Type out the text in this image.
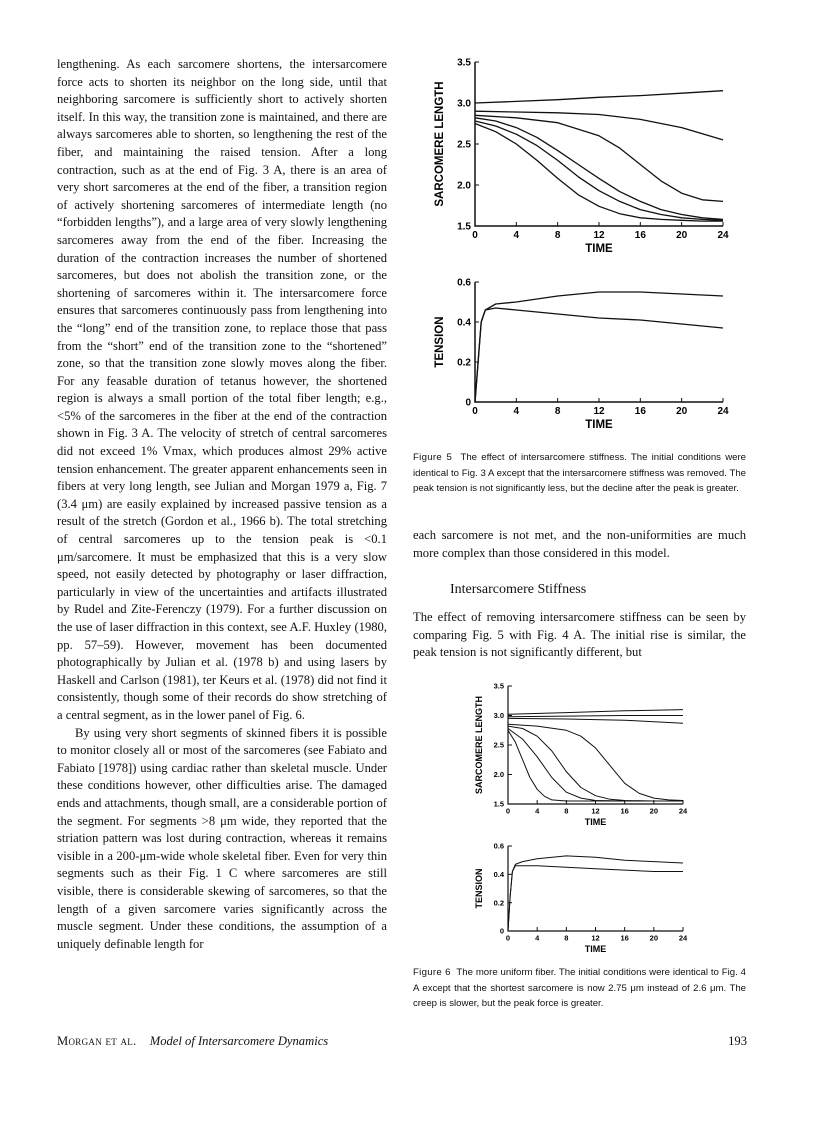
lengthening. As each sarcomere shortens, the intersarcomere force acts to shorten its neighbor on the long side, until that neighboring sarcomere is sufficiently short to actively shorten itself. In this way, the transition zone is maintained, and there are always sarcomeres able to shorten, so lengthening the rest of the fiber, and maintaining the raised tension. After a long contraction, such as at the end of Fig. 3 A, there is an area of very short sarcomeres at the end of the fiber, a transition region of actively shortening sarcomeres of intermediate length (no “forbidden lengths”), and a large area of very slowly lengthening sarcomeres away from the end of the fiber. Increasing the duration of the contraction increases the number of shortened sarcomeres, but does not abolish the transition zone, or the shortening of sarcomeres within it. The intersarcomere force ensures that sarcomeres continuously pass from lengthening into the “long” end of the transition zone, to replace those that pass from the “short” end of the transition zone to the “shortened” zone, so that the transition zone slowly moves along the fiber. For any feasable duration of tetanus however, the shortened region is always a small portion of the total fiber length; e.g., <5% of the sarcomeres in the fiber at the end of the contraction shown in Fig. 3 A. The velocity of stretch of central sarcomeres did not exceed 1% Vmax, which produces almost 29% active tension enhancement. The greater apparent enhancements seen in fibers at very long length, see Julian and Morgan 1979 a, Fig. 7 (3.4 μm) are easily explained by increased passive tension as a result of the stretch (Gordon et al., 1966 b). The total stretching of central sarcomeres up to the tension peak is <0.1 μm/sarcomere. It must be emphasized that this is a very slow speed, not easily detected by photography or laser diffraction, particularly in view of the uncertainties and artifacts illustrated by Rudel and Zite-Ferenczy (1979). For a further discussion on the use of laser diffraction in this context, see A.F. Huxley (1980, pp. 57–59). However, movement has been documented photographically by Julian et al. (1978 b) and using lasers by Haskell and Carlson (1981), ter Keurs et al. (1978) did not find it consistently, though some of their records do show stretching of a central segment, as in the lower panel of Fig. 6.

By using very short segments of skinned fibers it is possible to monitor closely all or most of the sarcomeres (see Fabiato and Fabiato [1978]) using cardiac rather than skeletal muscle. Under these conditions however, other difficulties arise. The damaged ends and attachments, though small, are a considerable portion of the segment. For segments >8 μm wide, they reported that the striation pattern was lost during contraction, whereas it remains visible in a 200-μm-wide whole skeletal fiber. Even for very thin segments such as their Fig. 1 C where sarcomeres are still visible, there is considerable skewing of sarcomeres, so that the length of a given sarcomere varies significantly across the muscle segment. Under these conditions, the assumption of a uniquely definable length for

0	4	8	12	16	20	24
1.5
2.0
2.5
3.0
3.5
TIME
SARCOMERE LENGTH
0	4	8	12	16	20	24
0
0.2
0.4
0.6
TIME
TENSION
Figure 5 The effect of intersarcomere stiffness. The initial conditions were identical to Fig. 3 A except that the intersarcomere stiffness was removed. The peak tension is not significantly less, but the decline after the peak is greater.

each sarcomere is not met, and the non-uniformities are much more complex than those considered in this model.

Intersarcomere Stiffness

The effect of removing intersarcomere stiffness can be seen by comparing Fig. 5 with Fig. 4 A. The initial rise is similar, the peak tension is not significantly different, but

0	4	8	12	16	20	24
1.5
2.0
2.5
3.0
3.5
TIME
SARCOMERE LENGTH
0	4	8	12	16	20	24
0
0.2
0.4
0.6
TIME
TENSION
Figure 6 The more uniform fiber. The initial conditions were identical to Fig. 4 A except that the shortest sarcomere is now 2.75 μm instead of 2.6 μm. The creep is slower, but the peak force is greater.
Morgan et al. Model of Intersarcomere Dynamics	193
